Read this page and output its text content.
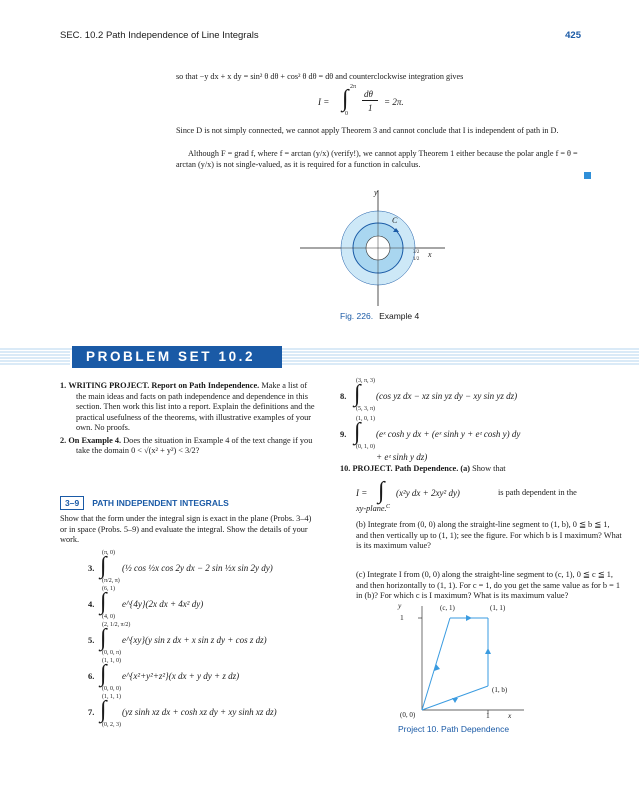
SEC. 10.2 Path Independence of Line Integrals	425
so that −y dx + x dy = sin² θ dθ + cos² θ dθ = dθ and counterclockwise integration gives
I = ∫ 2π
0
dθ
1
= 2π.
Since D is not simply connected, we cannot apply Theorem 3 and cannot conclude that I is independent of path in D.
Although F = grad f, where f = arctan (y/x) (verify!), we cannot apply Theorem 1 either because the polar angle f = θ = arctan (y/x) is not single-valued, as it is required for a function in calculus.
y
x
C
3/2
1/2
Fig. 226. Example 4
PROBLEM SET 10.2

1. WRITING PROJECT. Report on Path Independence. Make a list of the main ideas and facts on path independence and dependence in this section. Then work this list into a report. Explain the definitions and the practical usefulness of the theorems, with illustrative examples of your own. No proofs.

2. On Example 4. Does the situation in Example 4 of the text change if you take the domain 0 < √(x² + y²) < 3/2?

3–9 PATH INDEPENDENT INTEGRALS
Show that the form under the integral sign is exact in the plane (Probs. 3–4) or in space (Probs. 5–9) and evaluate the integral. Show the details of your work.
3. ∫
(π, 0)
(π/2, π)
(½ cos ½x cos 2y dx − 2 sin ½x sin 2y dy)
4. ∫
(6, 1)
(4, 0)
e^{4y}(2x dx + 4x² dy)
5. ∫
(2, 1/2, π/2)
(0, 0, π)
e^{xy}(y sin z dx + x sin z dy + cos z dz)
6. ∫
(1, 1, 0)
(0, 0, 0)
e^{x²+y²+z²}(x dx + y dy + z dz)
7. ∫
(1, 1, 1)
(0, 2, 3)
(yz sinh xz dx + cosh xz dy + xy sinh xz dz)
8. ∫
(3, π, 3)
(5, 3, π)
(cos yz dx − xz sin yz dy − xy sin yz dz)
9. ∫
(1, 0, 1)
(0, 1, 0)
(eˣ cosh y dx + (eˣ sinh y + eᶻ cosh y) dy
+ eᶻ sinh y dz)
10. PROJECT. Path Dependence. (a) Show that
I = ∫
C
(x²y dx + 2xy² dy)	is path dependent in the
xy-plane.
(b) Integrate from (0, 0) along the straight-line segment to (1, b), 0 ≦ b ≦ 1, and then vertically up to (1, 1); see the figure. For which b is I maximum? What is its maximum value?
(c) Integrate I from (0, 0) along the straight-line segment to (c, 1), 0 ≦ c ≦ 1, and then horizontally to (1, 1). For c = 1, do you get the same value as for b = 1 in (b)? For which c is I maximum? What is its maximum value?
y
1
(c, 1)	(1, 1)
(1, b)
(0, 0)	1 x
Project 10. Path Dependence
